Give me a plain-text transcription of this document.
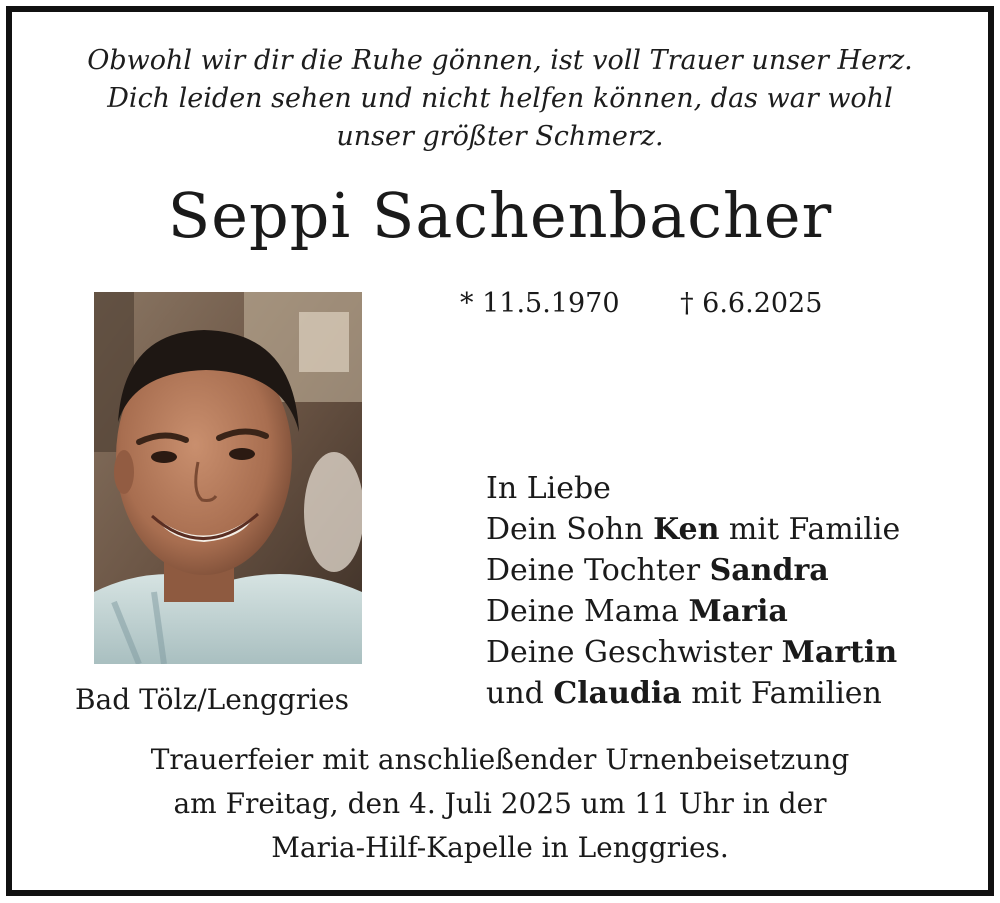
Obwohl wir dir die Ruhe gönnen, ist voll Trauer unser Herz.
Dich leiden sehen und nicht helfen können, das war wohl
unser größter Schmerz.
Seppi Sachenbacher
* 11.5.1970 † 6.6.2025
Bad Tölz/Lenggries
In Liebe
Dein Sohn Ken mit Familie
Deine Tochter Sandra
Deine Mama Maria
Deine Geschwister Martin
und Claudia mit Familien
Trauerfeier mit anschließender Urnenbeisetzung
am Freitag, den 4. Juli 2025 um 11 Uhr in der
Maria-Hilf-Kapelle in Lenggries.
